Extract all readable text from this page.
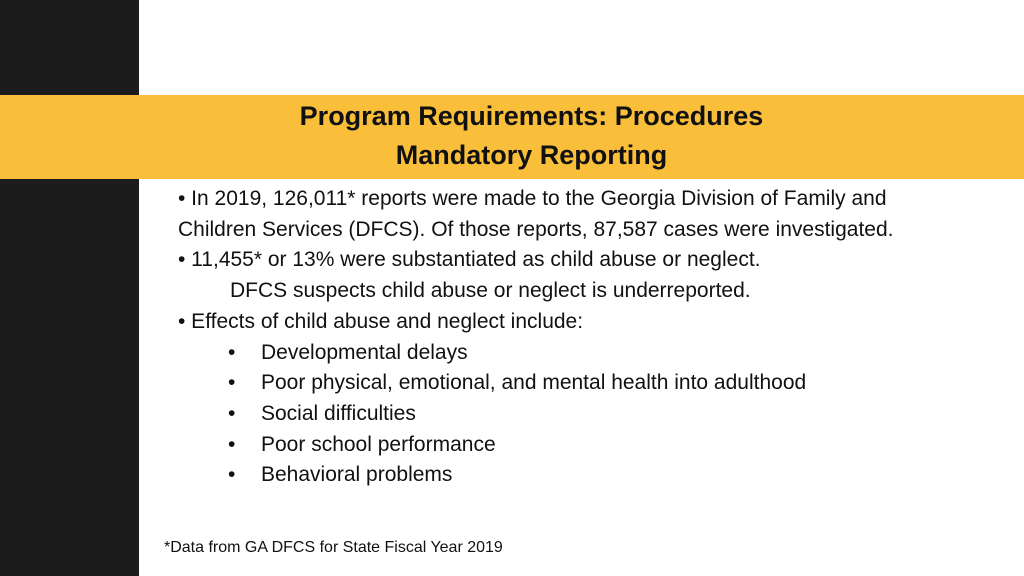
Program Requirements: Procedures
Mandatory Reporting

• In 2019, 126,011* reports were made to the Georgia Division of Family and Children Services (DFCS). Of those reports, 87,587 cases were investigated.

• 11,455* or 13% were substantiated as child abuse or neglect.

DFCS suspects child abuse or neglect is underreported.

• Effects of child abuse and neglect include:

• Developmental delays
• Poor physical, emotional, and mental health into adulthood
• Social difficulties
• Poor school performance
• Behavioral problems
*Data from GA DFCS for State Fiscal Year 2019
